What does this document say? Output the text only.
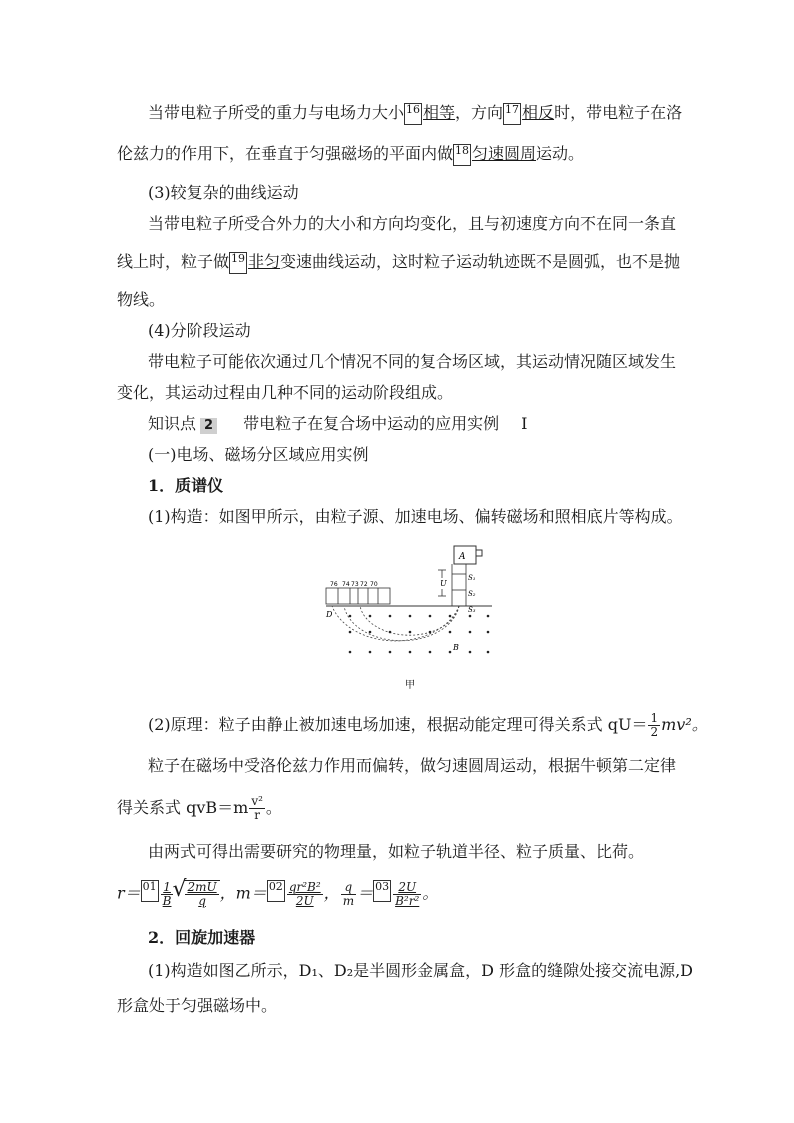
当带电粒子所受的重力与电场力大小 16 相等，方向 17 相反时，带电粒子在洛
伦兹力的作用下，在垂直于匀强磁场的平面内做 18 匀速圆周运动。
(3)较复杂的曲线运动
当带电粒子所受合外力的大小和方向均变化，且与初速度方向不在同一条直
线上时，粒子做 19 非匀变速曲线运动，这时粒子运动轨迹既不是圆弧，也不是抛
物线。
(4)分阶段运动
带电粒子可能依次通过几个情况不同的复合场区域，其运动情况随区域发生
变化，其运动过程由几种不同的运动阶段组成。
知识点 2 带电粒子在复合场中运动的应用实例 Ⅰ
(一)电场、磁场分区域应用实例
1．质谱仪
(1)构造：如图甲所示，由粒子源、加速电场、偏转磁场和照相底片等构成。
A
U
S₁
S₂
S₃
76 74 73 72 70
D
B
甲
(2)原理：粒子由静止被加速电场加速，根据动能定理可得关系式 $qU= \frac{1}{2} mv^2$。
粒子在磁场中受洛伦兹力作用而偏转，做匀速圆周运动，根据牛顿第二定律
得关系式 $qvB=m \frac{\text{v²}}{r}$ 。
由两式可得出需要研究的物理量，如粒子轨道半径、粒子质量、比荷。
$r= 01 \frac{1}{B}$
√ $\frac{2mU}{q}$ ，$m= 02 \frac{\text{qr²B²}}{2U}$ ， $\frac{q}{m} = 03 \frac{2U}{\text{B²r²}}$ 。
2．回旋加速器
(1)构造如图乙所示，D₁、D₂是半圆形金属盒，D 形盒的缝隙处接交流电源,D
形盒处于匀强磁场中。
